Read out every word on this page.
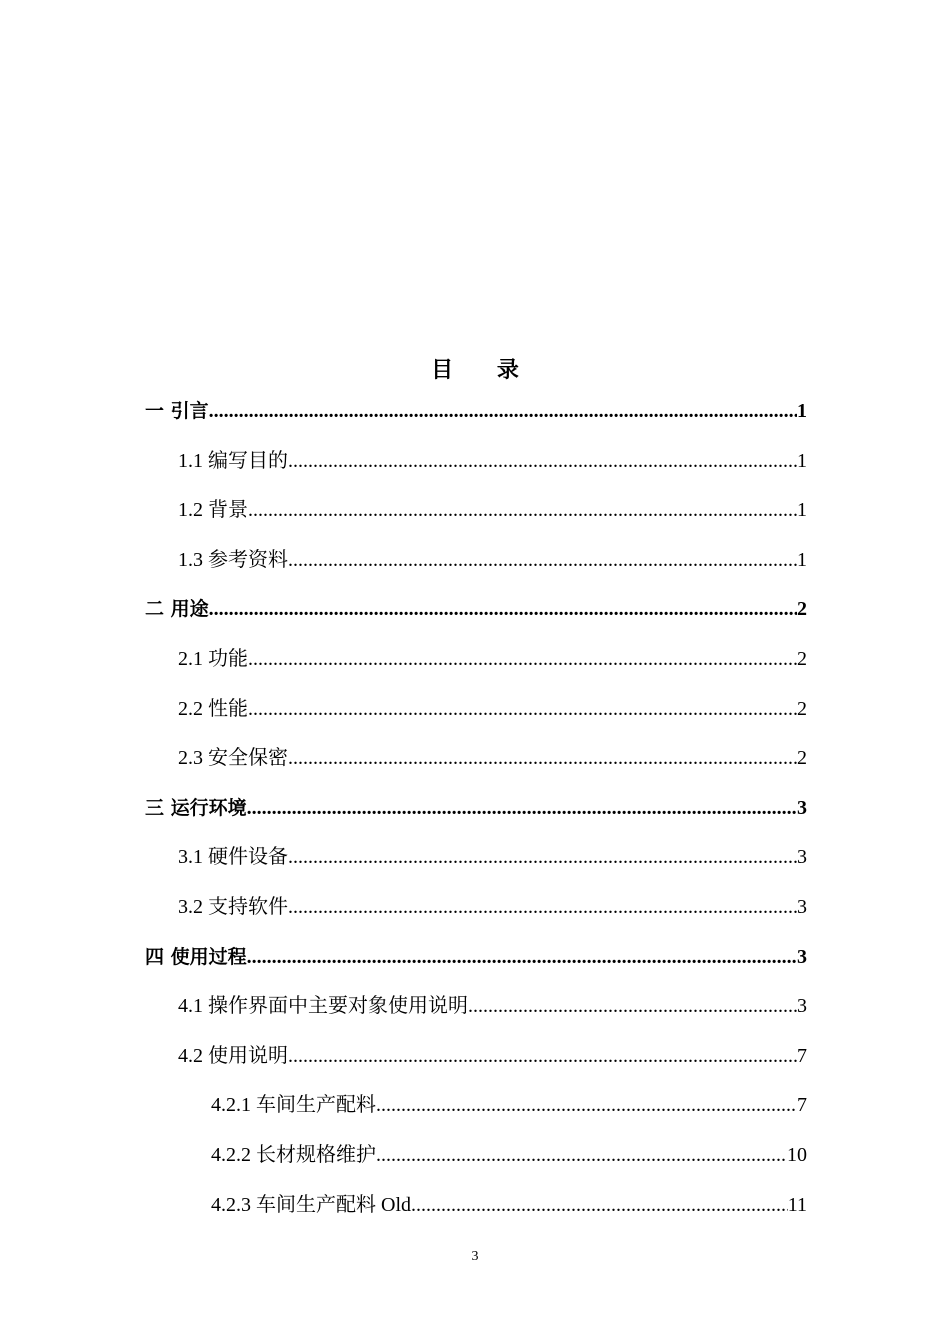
目 录
一 引言 .....	1
1.1 编写目的 .....	1
1.2 背景 .....	1
1.3 参考资料 .....	1
二 用途 .....	2
2.1 功能 .....	2
2.2 性能 .....	2
2.3 安全保密 .....	2
三 运行环境 .....	3
3.1 硬件设备 .....	3
3.2 支持软件 .....	3
四 使用过程 .....	3
4.1 操作界面中主要对象使用说明 .....	3
4.2 使用说明 .....	7
4.2.1 车间生产配料 .....	7
4.2.2 长材规格维护 .....	10
4.2.3 车间生产配料 Old .....	11
3
